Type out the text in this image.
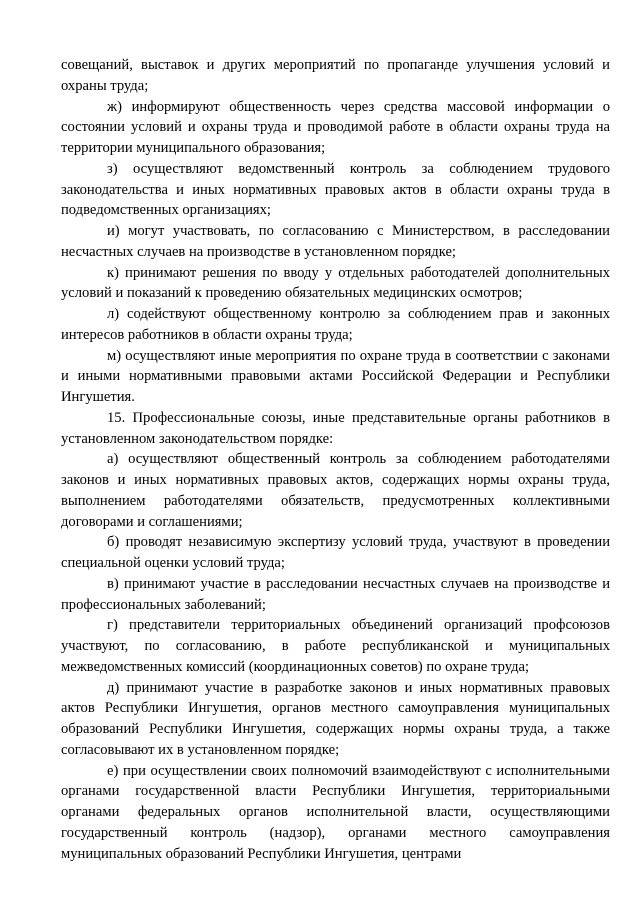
совещаний, выставок и других мероприятий по пропаганде улучшения условий и охраны труда;

ж) информируют общественность через средства массовой информации о состоянии условий и охраны труда и проводимой работе в области охраны труда на территории муниципального образования;

з) осуществляют ведомственный контроль за соблюдением трудового законодательства и иных нормативных правовых актов в области охраны труда в подведомственных организациях;

и) могут участвовать, по согласованию с Министерством, в расследовании несчастных случаев на производстве в установленном порядке;

к) принимают решения по вводу у отдельных работодателей дополнительных условий и показаний к проведению обязательных медицинских осмотров;

л) содействуют общественному контролю за соблюдением прав и законных интересов работников в области охраны труда;

м) осуществляют иные мероприятия по охране труда в соответствии с законами и иными нормативными правовыми актами Российской Федерации и Республики Ингушетия.

15. Профессиональные союзы, иные представительные органы работников в установленном законодательством порядке:

а) осуществляют общественный контроль за соблюдением работодателями законов и иных нормативных правовых актов, содержащих нормы охраны труда, выполнением работодателями обязательств, предусмотренных коллективными договорами и соглашениями;

б) проводят независимую экспертизу условий труда, участвуют в проведении специальной оценки условий труда;

в) принимают участие в расследовании несчастных случаев на производстве и профессиональных заболеваний;

г) представители территориальных объединений организаций профсоюзов участвуют, по согласованию, в работе республиканской и муниципальных межведомственных комиссий (координационных советов) по охране труда;

д) принимают участие в разработке законов и иных нормативных правовых актов Республики Ингушетия, органов местного самоуправления муниципальных образований Республики Ингушетия, содержащих нормы охраны труда, а также согласовывают их в установленном порядке;

е) при осуществлении своих полномочий взаимодействуют с исполнительными органами государственной власти Республики Ингушетия, территориальными органами федеральных органов исполнительной власти, осуществляющими государственный контроль (надзор), органами местного самоуправления муниципальных образований Республики Ингушетия, центрами
